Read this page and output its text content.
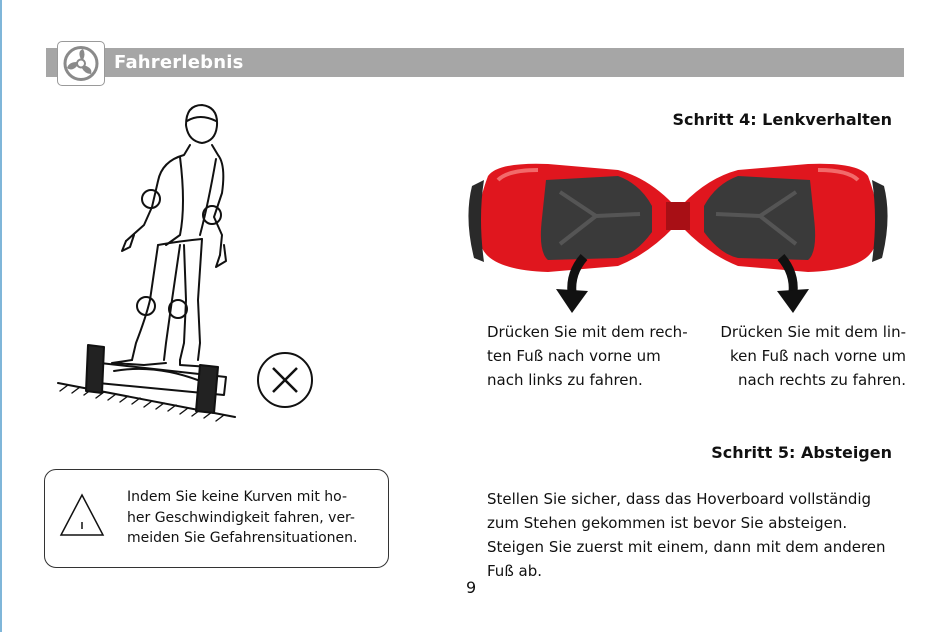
Fahrerlebnis
Schritt 4: Lenkverhalten
Drücken Sie mit dem rech-
ten Fuß nach vorne um
nach links zu fahren.
Drücken Sie mit dem lin-
ken Fuß nach vorne um
nach rechts zu fahren.
Schritt 5: Absteigen
Stellen Sie sicher, dass das Hoverboard vollständig
zum Stehen gekommen ist bevor Sie absteigen.
Steigen Sie zuerst mit einem, dann mit dem anderen
Fuß ab.
Indem Sie keine Kurven mit ho-
her Geschwindigkeit fahren, ver-
meiden Sie Gefahrensituationen.
9
